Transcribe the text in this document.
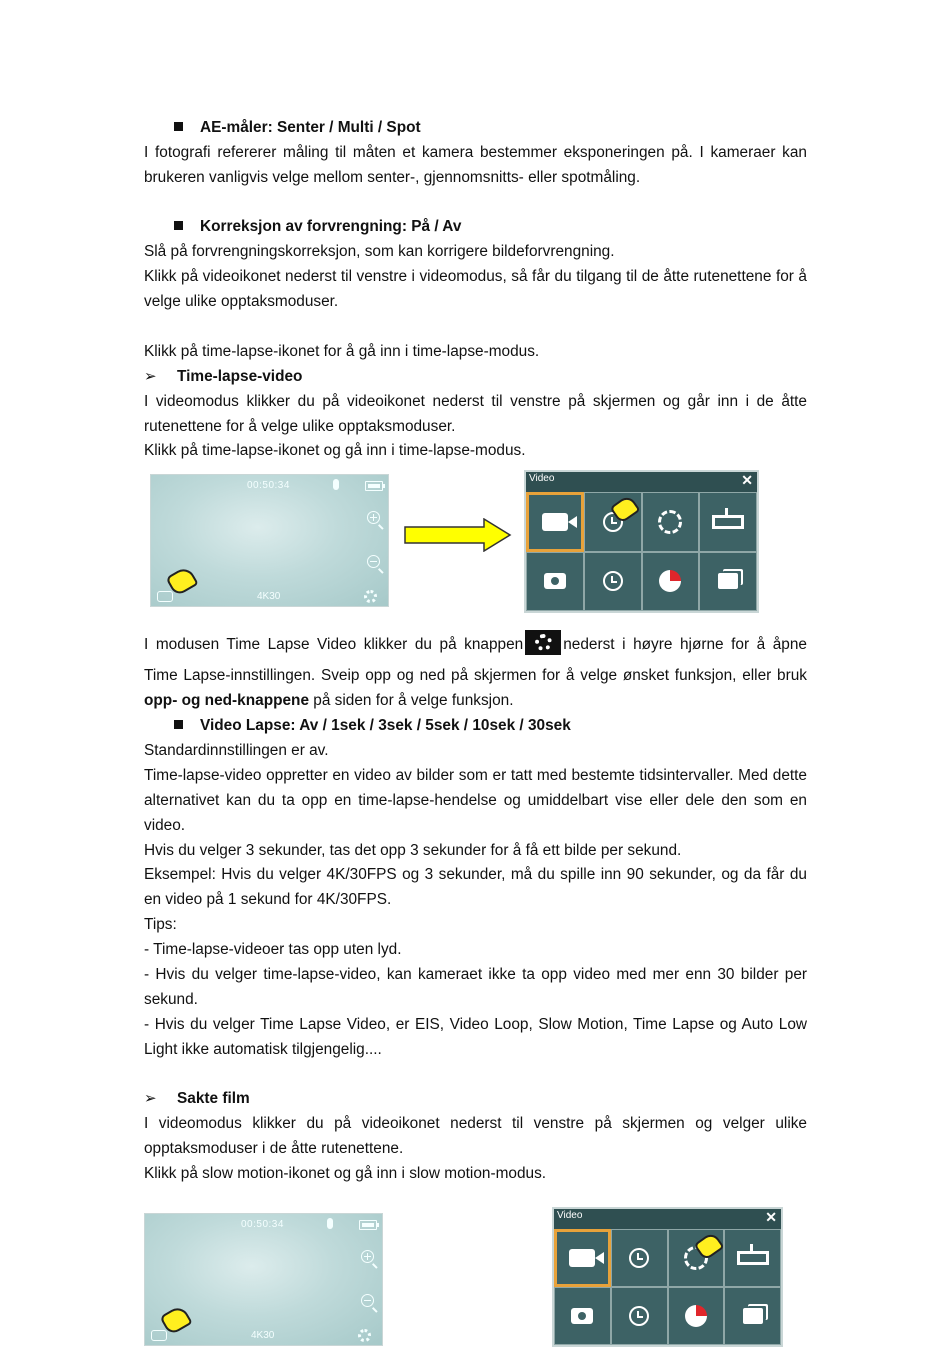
AE-måler: Senter / Multi / Spot
I fotografi refererer måling til måten et kamera bestemmer eksponeringen på. I kameraer kan brukeren vanligvis velge mellom senter-, gjennomsnitts- eller spotmåling.
Korreksjon av forvrengning: På / Av
Slå på forvrengningskorreksjon, som kan korrigere bildeforvrengning.
Klikk på videoikonet nederst til venstre i videomodus, så får du tilgang til de åtte rutenettene for å velge ulike opptaksmoduser.
Klikk på time-lapse-ikonet for å gå inn i time-lapse-modus.
➢ Time-lapse-video
I videomodus klikker du på videoikonet nederst til venstre på skjermen og går inn i de åtte rutenettene for å velge ulike opptaksmoduser.
Klikk på time-lapse-ikonet og gå inn i time-lapse-modus.
00:50:34
4K30
Video	✕
I modusen Time Lapse Video klikker du på knappen	nederst i høyre hjørne for å åpne
Time Lapse-innstillingen. Sveip opp og ned på skjermen for å velge ønsket funksjon, eller bruk opp- og ned-knappene på siden for å velge funksjon.
Video Lapse: Av / 1sek / 3sek / 5sek / 10sek / 30sek
Standardinnstillingen er av.
Time-lapse-video oppretter en video av bilder som er tatt med bestemte tidsintervaller. Med dette alternativet kan du ta opp en time-lapse-hendelse og umiddelbart vise eller dele den som en video.
Hvis du velger 3 sekunder, tas det opp 3 sekunder for å få ett bilde per sekund.
Eksempel: Hvis du velger 4K/30FPS og 3 sekunder, må du spille inn 90 sekunder, og da får du en video på 1 sekund for 4K/30FPS.
Tips:
- Time-lapse-videoer tas opp uten lyd.
- Hvis du velger time-lapse-video, kan kameraet ikke ta opp video med mer enn 30 bilder per sekund.
- Hvis du velger Time Lapse Video, er EIS, Video Loop, Slow Motion, Time Lapse og Auto Low Light ikke automatisk tilgjengelig....
➢ Sakte film
I videomodus klikker du på videoikonet nederst til venstre på skjermen og velger ulike opptaksmoduser i de åtte rutenettene.
Klikk på slow motion-ikonet og gå inn i slow motion-modus.
00:50:34
4K30
Video	✕
